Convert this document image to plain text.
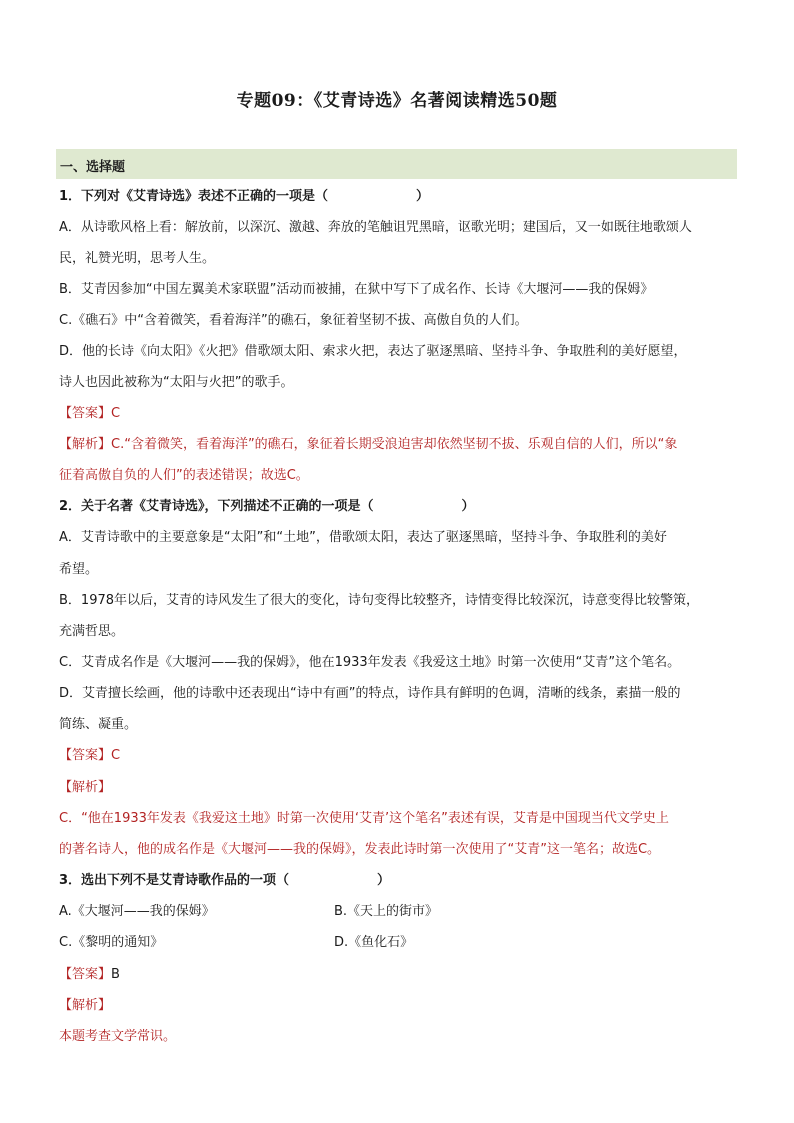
专题09：《艾青诗选》名著阅读精选50题
一、选择题
1．下列对《艾青诗选》表述不正确的一项是（	）
A．从诗歌风格上看：解放前，以深沉、激越、奔放的笔触诅咒黑暗，讴歌光明；建国后，又一如既往地歌颂人
民，礼赞光明，思考人生。
B．艾青因参加“中国左翼美术家联盟”活动而被捕，在狱中写下了成名作、长诗《大堰河——我的保姆》
C.《礁石》中“含着微笑，看着海洋”的礁石，象征着坚韧不拔、高傲自负的人们。
D．他的长诗《向太阳》《火把》借歌颂太阳、索求火把，表达了驱逐黑暗、坚持斗争、争取胜利的美好愿望，
诗人也因此被称为“太阳与火把”的歌手。
【答案】C
【解析】C.“含着微笑，看着海洋”的礁石，象征着长期受浪迫害却依然坚韧不拔、乐观自信的人们，所以“象
征着高傲自负的人们”的表述错误；故选C。
2．关于名著《艾青诗选》，下列描述不正确的一项是（	）
A．艾青诗歌中的主要意象是“太阳”和“土地”，借歌颂太阳，表达了驱逐黑暗，坚持斗争、争取胜利的美好
希望。
B．1978年以后，艾青的诗风发生了很大的变化，诗句变得比较整齐，诗情变得比较深沉，诗意变得比较警策，
充满哲思。
C．艾青成名作是《大堰河——我的保姆》，他在1933年发表《我爱这土地》时第一次使用“艾青”这个笔名。
D．艾青擅长绘画，他的诗歌中还表现出“诗中有画”的特点，诗作具有鲜明的色调，清晰的线条，素描一般的
简练、凝重。
【答案】C
【解析】
C．“他在1933年发表《我爱这土地》时第一次使用‘艾青’这个笔名”表述有误，艾青是中国现当代文学史上
的著名诗人，他的成名作是《大堰河——我的保姆》，发表此诗时第一次使用了“艾青”这一笔名；故选C。
3．选出下列不是艾青诗歌作品的一项（	）
A.《大堰河——我的保姆》	B.《天上的街市》
C.《黎明的通知》	D.《鱼化石》
【答案】B
【解析】
本题考查文学常识。
